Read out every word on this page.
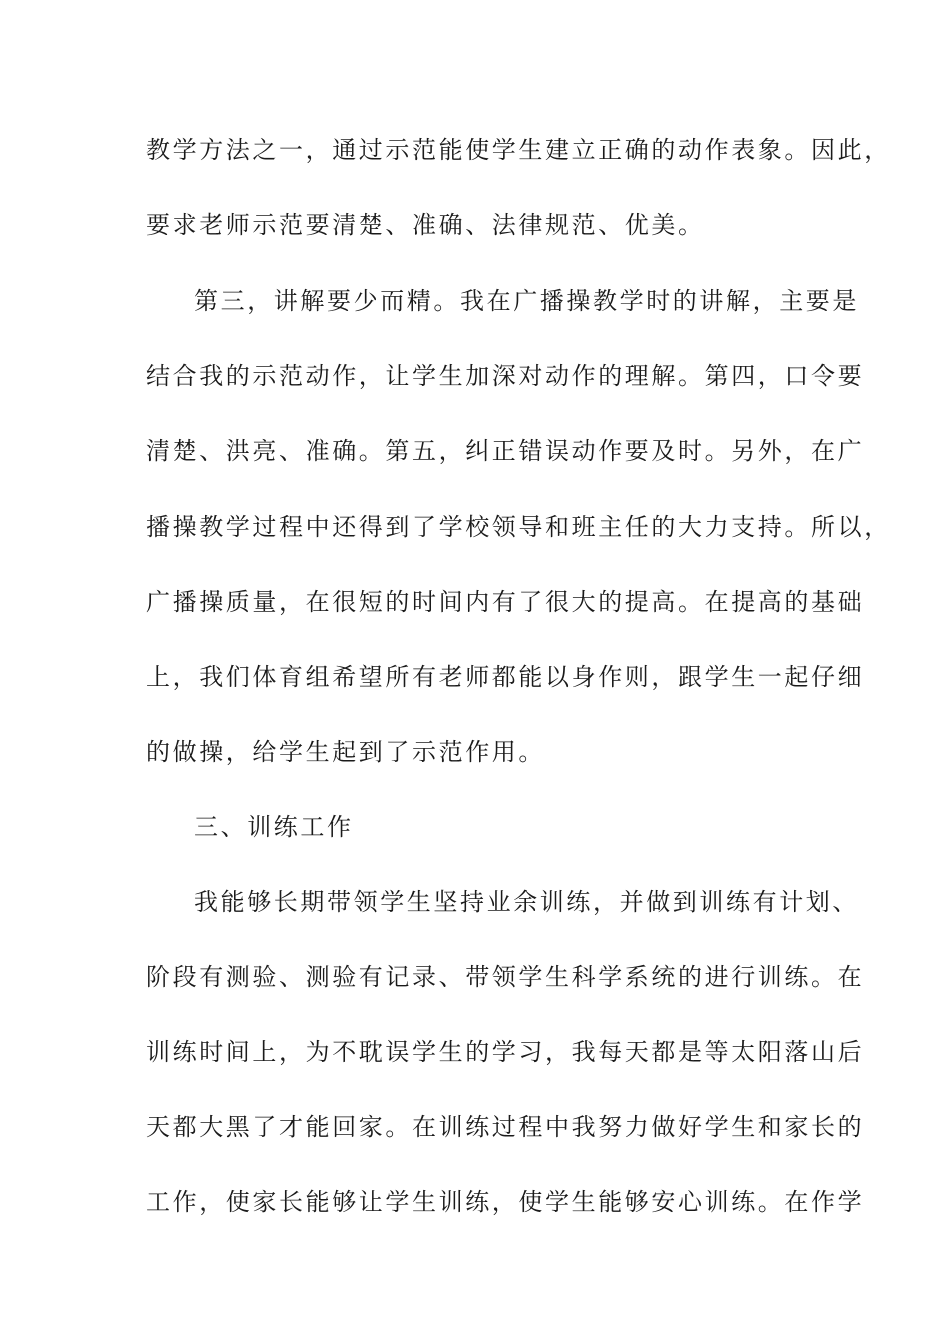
教学方法之一，通过示范能使学生建立正确的动作表象。因此，
要求老师示范要清楚、准确、法律规范、优美。
第三，讲解要少而精。我在广播操教学时的讲解，主要是
结合我的示范动作，让学生加深对动作的理解。第四，口令要
清楚、洪亮、准确。第五，纠正错误动作要及时。另外，在广
播操教学过程中还得到了学校领导和班主任的大力支持。所以，
广播操质量，在很短的时间内有了很大的提高。在提高的基础
上，我们体育组希望所有老师都能以身作则，跟学生一起仔细
的做操，给学生起到了示范作用。
三、训练工作
我能够长期带领学生坚持业余训练，并做到训练有计划、
阶段有测验、测验有记录、带领学生科学系统的进行训练。在
训练时间上，为不耽误学生的学习，我每天都是等太阳落山后
天都大黑了才能回家。在训练过程中我努力做好学生和家长的
工作，使家长能够让学生训练，使学生能够安心训练。在作学
